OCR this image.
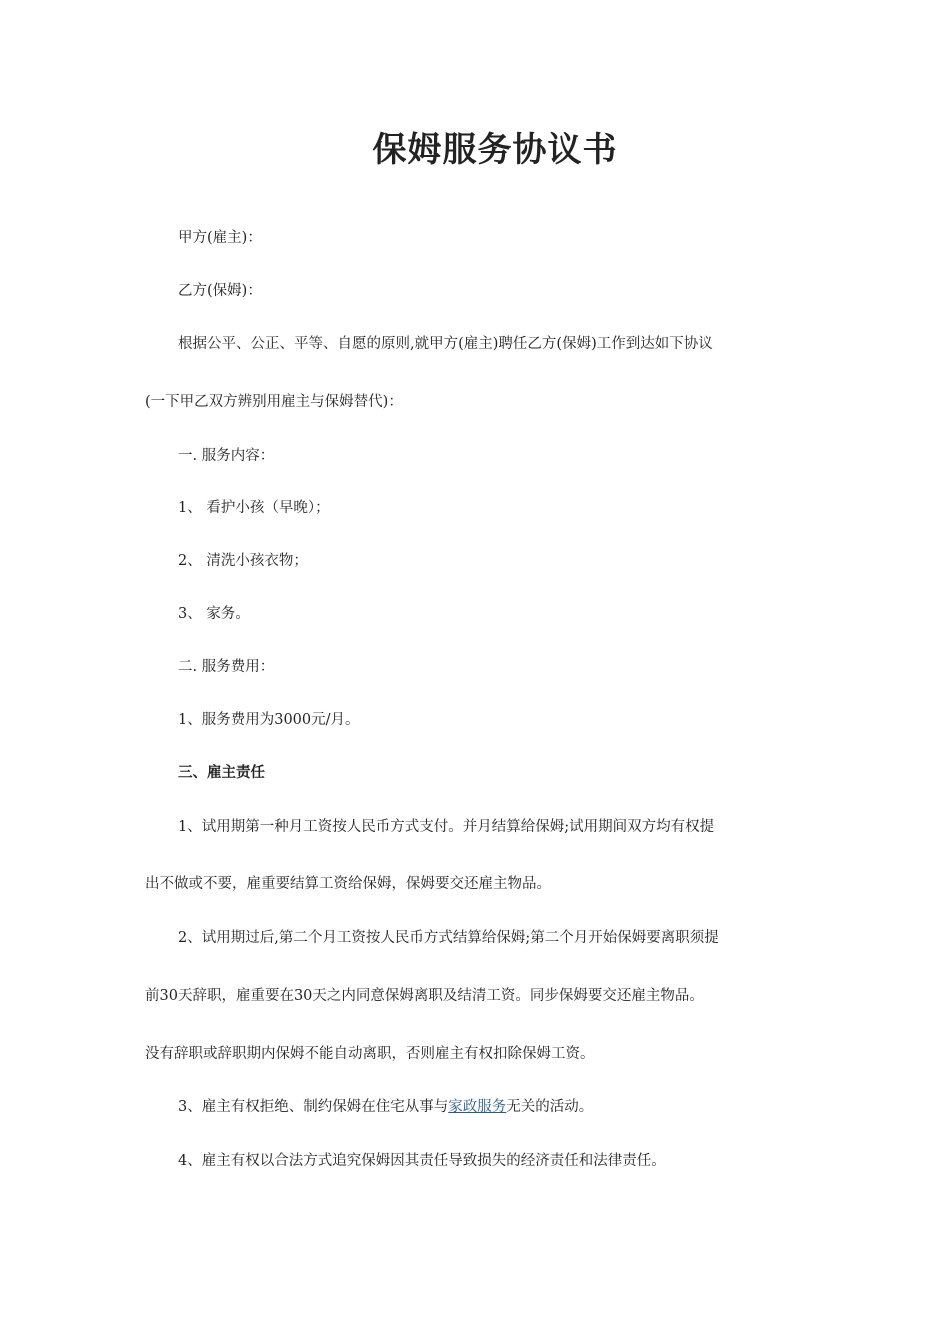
保姆服务协议书
甲方(雇主)：
乙方(保姆)：
根据公平、公正、平等、自愿的原则,就甲方(雇主)聘任乙方(保姆)工作到达如下协议
(一下甲乙双方辨别用雇主与保姆替代)：
一. 服务内容：
1、 看护小孩（早晚）；
2、 清洗小孩衣物；
3、 家务。
二. 服务费用：
1、服务费用为3000元/月。
三、雇主责任
1、试用期第一种月工资按人民币方式支付。并月结算给保姆;试用期间双方均有权提
出不做或不要，雇重要结算工资给保姆，保姆要交还雇主物品。
2、试用期过后,第二个月工资按人民币方式结算给保姆;第二个月开始保姆要离职须提
前30天辞职，雇重要在30天之内同意保姆离职及结清工资。同步保姆要交还雇主物品。
没有辞职或辞职期内保姆不能自动离职，否则雇主有权扣除保姆工资。
3、雇主有权拒绝、制约保姆在住宅从事与家政服务无关的活动。
4、雇主有权以合法方式追究保姆因其责任导致损失的经济责任和法律责任。
